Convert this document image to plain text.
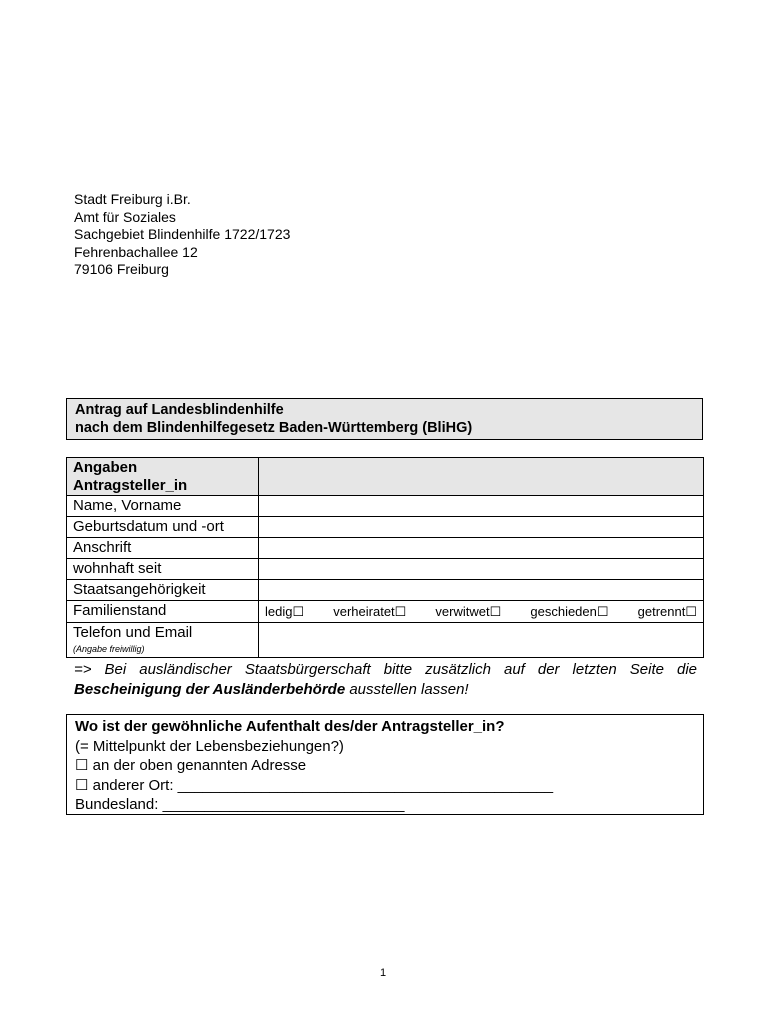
Stadt Freiburg i.Br.
Amt für Soziales
Sachgebiet Blindenhilfe 1722/1723
Fehrenbachallee 12
79106 Freiburg
Antrag auf Landesblindenhilfe
nach dem Blindenhilfegesetz Baden-Württemberg (BliHG)
Angaben
Antragsteller_in	

Name, Vorname	
Geburtsdatum und -ort	
Anschrift	
wohnhaft seit	
Staatsangehörigkeit	
Familienstand	ledig☐ verheiratet☐ verwitwet☐ geschieden☐ getrennt☐

Telefon und Email
(Angabe freiwillig)	

=> Bei ausländischer Staatsbürgerschaft bitte zusätzlich auf der letzten Seite die
Bescheinigung der Ausländerbehörde ausstellen lassen!
Wo ist der gewöhnliche Aufenthalt des/der Antragsteller_in?
(= Mittelpunkt der Lebensbeziehungen?)
☐ an der oben genannten Adresse
☐ anderer Ort: _____________________________________________
Bundesland: _____________________________
1
